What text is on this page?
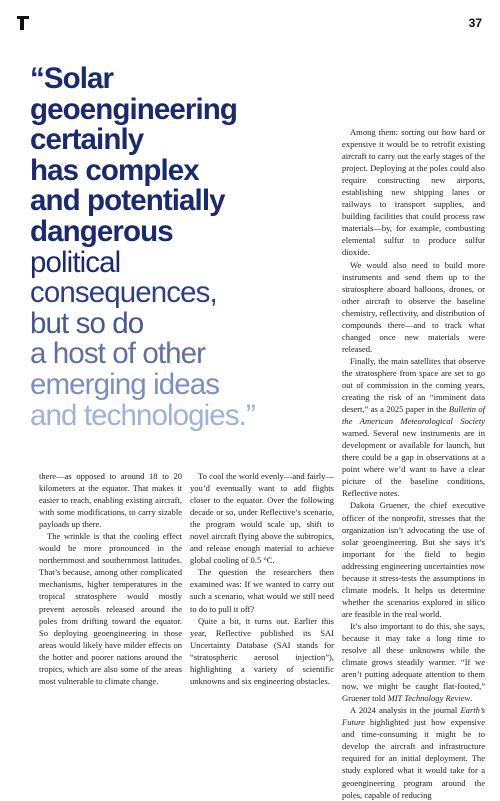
37
“Solar
geoengineering
certainly
has complex
and potentially
dangerous
political
consequences,
but so do
a host of other
emerging ideas
and technologies.”

there—as opposed to around 18 to 20 kilometers at the equator. That makes it easier to reach, enabling existing aircraft, with some modifications, to carry sizable payloads up there.

The wrinkle is that the cooling effect would be more pronounced in the northernmost and southernmost latitudes. That’s because, among other complicated mechanisms, higher temperatures in the tropical stratosphere would mostly prevent aerosols released around the poles from drifting toward the equator. So deploying geoengineering in those areas would likely have milder effects on the hotter and poorer nations around the tropics, which are also some of the areas most vulnerable to climate change.

To cool the world evenly—and fairly—you’d eventually want to add flights closer to the equator. Over the following decade or so, under Reflective’s scenario, the program would scale up, shift to novel aircraft flying above the subtropics, and release enough material to achieve global cooling of 0.5 °C.

The question the researchers then examined was: If we wanted to carry out such a scenario, what would we still need to do to pull it off?

Quite a bit, it turns out. Earlier this year, Reflective published its SAI Uncertainty Database (SAI stands for “stratospheric aerosol injection”), highlighting a variety of scientific unknowns and six engineering obstacles.

Among them: sorting out how hard or expensive it would be to retrofit existing aircraft to carry out the early stages of the project. Deploying at the poles could also require constructing new airports, establishing new shipping lanes or railways to transport supplies, and building facilities that could process raw materials—by, for example, combusting elemental sulfur to produce sulfur dioxide.

We would also need to build more instruments and send them up to the stratosphere aboard balloons, drones, or other aircraft to observe the baseline chemistry, reflectivity, and distribution of compounds there—and to track what changed once new materials were released.

Finally, the main satellites that observe the stratosphere from space are set to go out of commission in the coming years, creating the risk of an “imminent data desert,” as a 2025 paper in the Bulletin of the American Meteorological Society warned. Several new instruments are in development or available for launch, but there could be a gap in observations at a point where we’d want to have a clear picture of the baseline conditions, Reflective notes.

Dakota Gruener, the chief executive officer of the nonprofit, stresses that the organization isn’t advocating the use of solar geoengineering. But she says it’s important for the field to begin addressing engineering uncertainties now because it stress-tests the assumptions in climate models. It helps us determine whether the scenarios explored in silico are feasible in the real world.

It’s also important to do this, she says, because it may take a long time to resolve all these unknowns while the climate grows steadily warmer. “If we aren’t putting adequate attention to them now, we might be caught flat-footed,” Gruener told MIT Technology Review.

A 2024 analysis in the journal Earth’s Future highlighted just how expensive and time-consuming it might be to develop the aircraft and infrastructure required for an initial deployment. The study explored what it would take for a geoengineering program around the poles, capable of reducing
